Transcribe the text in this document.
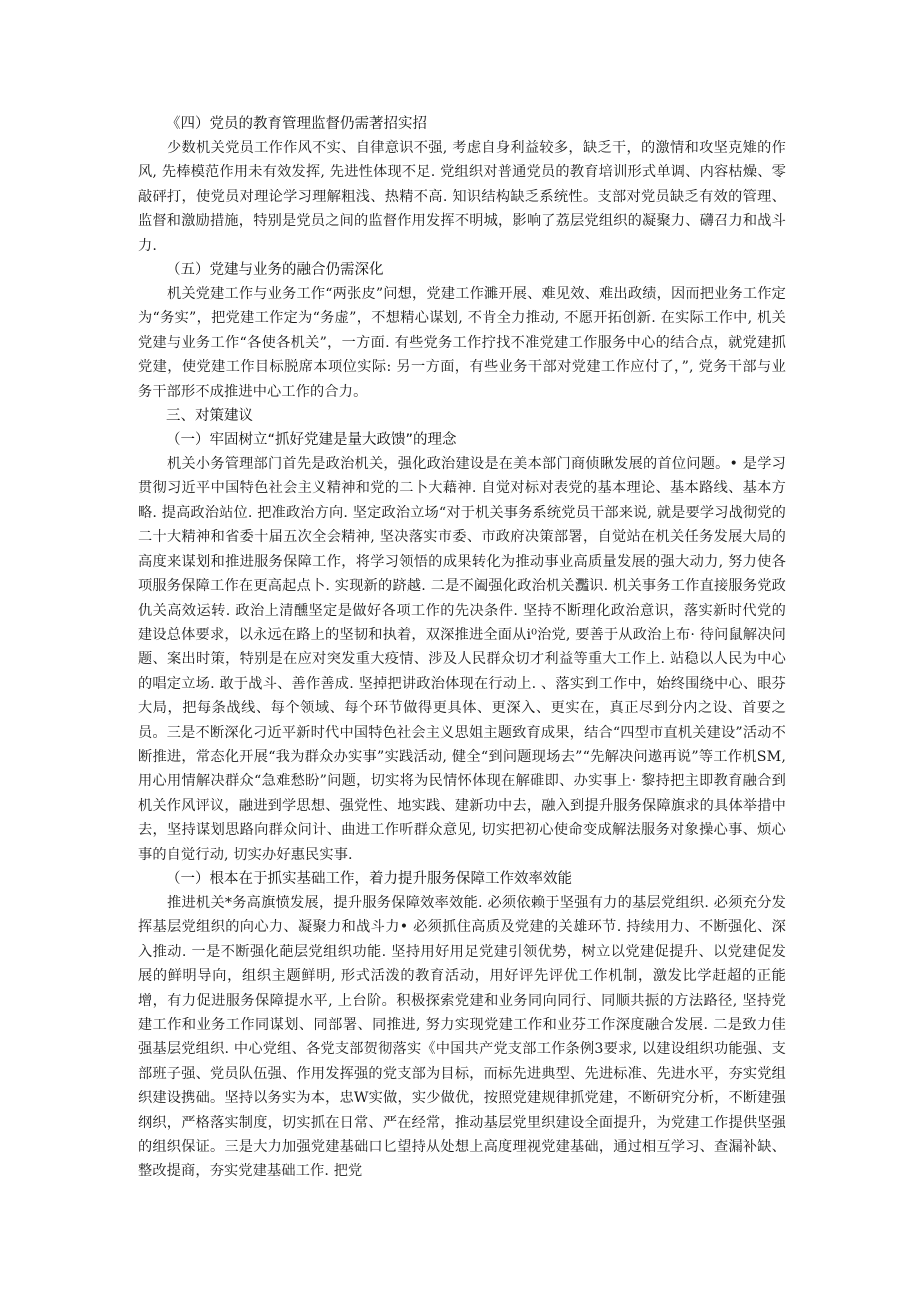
《四）党员的教育管理监督仍需著招实招

少数机关党员工作作风不实、自律意识不强, 考虑自身利益较多，缺乏干，的激情和攻坚克雉的作风, 先棒模范作用未有效发挥, 先进性体现不足. 党组织对普通党员的教育培训形式单调、内容枯燥、零敲砰打，使党员对理论学习理解粗浅、热精不高. 知识结构缺乏系统性。支部对党员缺乏有效的管理、监督和激励措施，特别是党员之间的监督作用发挥不明城，影响了荔层党组织的凝聚力、礴召力和战斗力.

（五）党建与业务的融合仍需深化

机关党建工作与业务工作“两张皮”问想，党建工作濉开展、难见效、难出政绩，因而把业务工作定为“务实”，把党建工作定为“务虚”，不想精心谋划, 不肯全力推动, 不愿开拓创新. 在实际工作中, 机关党建与业务工作“各使各机关”，一方面. 有些党务工作拧找不准党建工作服务中心的结合点，就党建抓党建，使党建工作目标脱席本项位实际: 另一方面，有些业务干部对党建工作应付了，”, 党务干部与业务干部形不成推进中心工作的合力。

三、对策建议
（一）牢固树立“抓好党建是量大政馈”的理念

机关小务管理部门首先是政治机关，强化政治建设是在美本部门商侦瞅发展的首位问题。• 是学习贯彻习近平中国特色社会主义精神和党的二卜大藉神. 自觉对标对表党的基本理论、基本路线、基本方略. 提高政治站位. 把准政治方向. 坚定政治立场“对于机关事务系统党员干部来说, 就是要学习战彻党的二十大精神和省委十届五次全会精神, 坚决落实市委、市政府决策部署，自觉站在机关任务发展大局的高度来谋划和推进服务保障工作，将学习领悟的成果转化为推动事业高质量发展的强大动力, 努力使各项服务保障工作在更高起点卜. 实现新的跻越. 二是不阖强化政治机关灩识. 机关事务工作直接服务党政仇关高效运转. 政治上清醺坚定是做好各项工作的先决条件. 坚持不断理化政治意识，落实新时代党的建设总体要求，以永远在路上的坚韧和执着，双深推进全面从i⁰治党, 要善于从政治上布· 待问鼠解决问题、案出时策，特别是在应对突发重大疫情、涉及人民群众切才利益等重大工作上. 站稳以人民为中心的唱定立场. 敢于战斗、善作善成. 坚掉把讲政治体现在行动上. 、落实到工作中，始终围绕中心、眼芬大局，把每条战线、每个领域、每个环节做得更具体、更深入、更实在，真正尽到分内之设、首要之员。三是不断深化刁近平新时代中国特色社会主义思姐主题致育成果，结合“四型市直机关建设”活动不断推进，常态化开展“我为群众办实事”实践活动, 健全“到问题现场去”“先解决问遨再说”等工作机SM,用心用情解决群众“急难愁盼”问题，切实将为民情怀体现在解碓即、办实事上· 黎持把主即教育融合到机关作风评议，融进到学思想、强党性、地实践、建新功中去，融入到提升服务保障旗求的具体举措中去，坚持谋划思路向群众问计、曲进工作听群众意见, 切实把初心使命变成解法服务对象操心事、烦心事的自觉行动, 切实办好惠民实事.

（一）根本在于抓实基础工作，着力提升服务保障工作效率效能

推进机关*务高旗愤发展，提升服务保障效率效能. 必须依赖于坚强有力的基层党组织. 必须充分发挥基层党组织的向心力、凝聚力和战斗力• 必须抓住高质及党建的关雄环节. 持续用力、不断强化、深入推动. 一是不断强化葩层党组织功能. 坚持用好用足党建引领优势，树立以党建促提升、以党建促发展的鲜明导向，组织主题鲜明, 形式活泼的教育活动，用好评先评优工作机制，激发比学赶超的正能增，有力促进服务保障提水平, 上台阶。积极探索党建和业务同向同行、同顺共振的方法路径, 坚持党建工作和业务工作同谋划、同部署、同推进, 努力实现党建工作和业芬工作深度融合发展. 二是致力佳强基层党组织. 中心党组、各党支部贺彻落实《中国共产党支部工作条例3要求, 以建设组织功能强、支部班子强、党员队伍强、作用发挥强的党支部为目标，而标先进典型、先进标准、先进水平，夯实党组织建设携础。坚持以务实为本，忠W实做，实少做优，按照党建规律抓党建，不断研究分析，不断建强纲织，严格落实制度，切实抓在日常、严在经常，推动基层党里织建设全面提升，为党建工作提供坚强的组织保证。三是大力加强党建基础口匕望持从处想上高度理视党建基础，通过相互学习、查漏补缺、整改提商，夯实党建基础工作. 把党
